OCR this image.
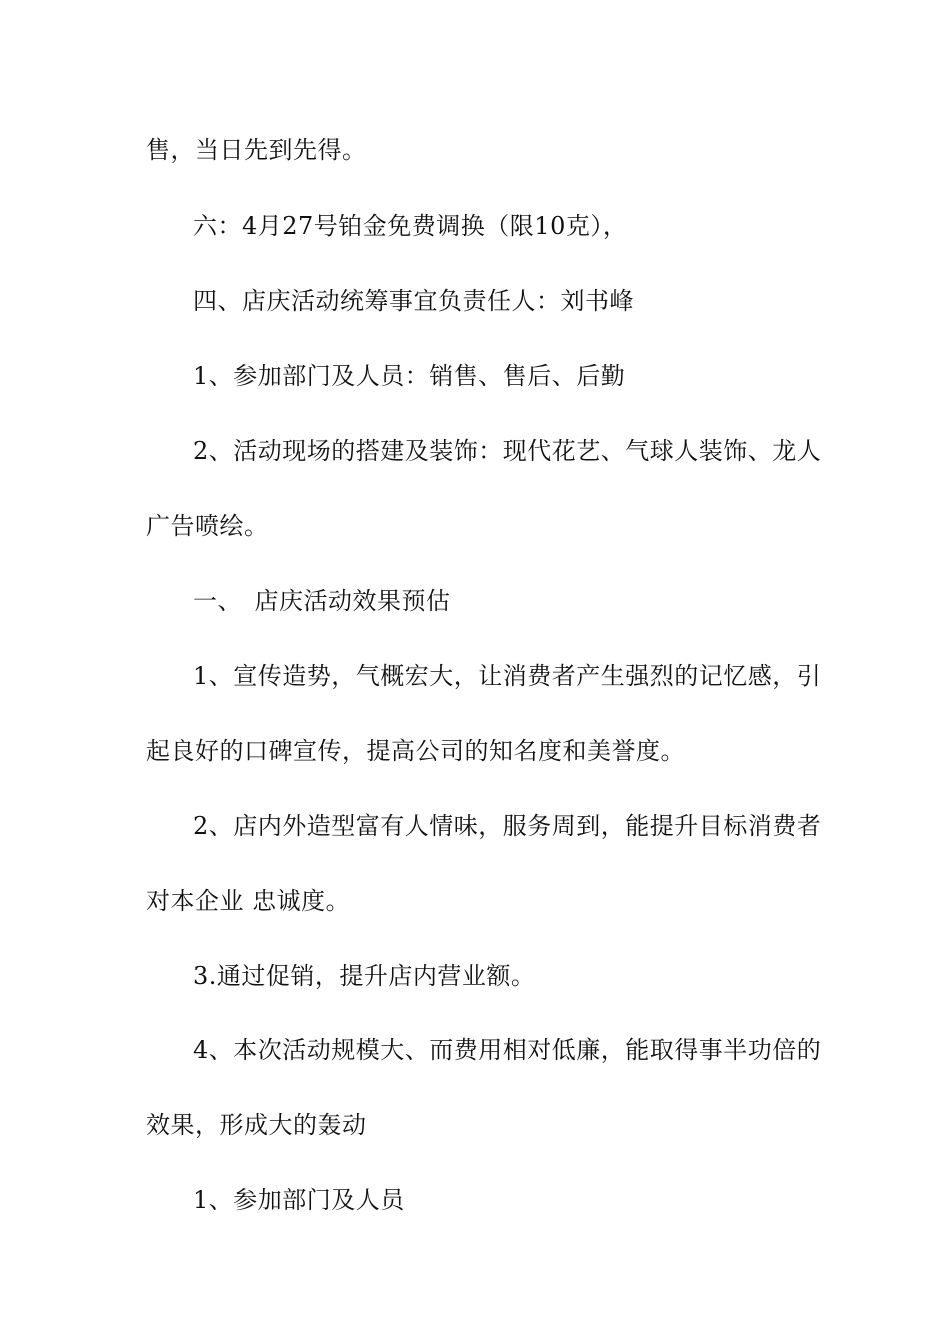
售，当日先到先得。
六：4月27号铂金免费调换（限10克），
四、店庆活动统筹事宜负责任人：刘书峰
1、参加部门及人员：销售、售后、后勤
2、活动现场的搭建及装饰：现代花艺、气球人装饰、龙人
广告喷绘。
一、　店庆活动效果预估
1、宣传造势，气概宏大，让消费者产生强烈的记忆感，引
起良好的口碑宣传，提高公司的知名度和美誉度。
2、店内外造型富有人情味，服务周到，能提升目标消费者
对本企业 忠诚度。
3.通过促销，提升店内营业额。
4、本次活动规模大、而费用相对低廉，能取得事半功倍的
效果，形成大的轰动
1、参加部门及人员
